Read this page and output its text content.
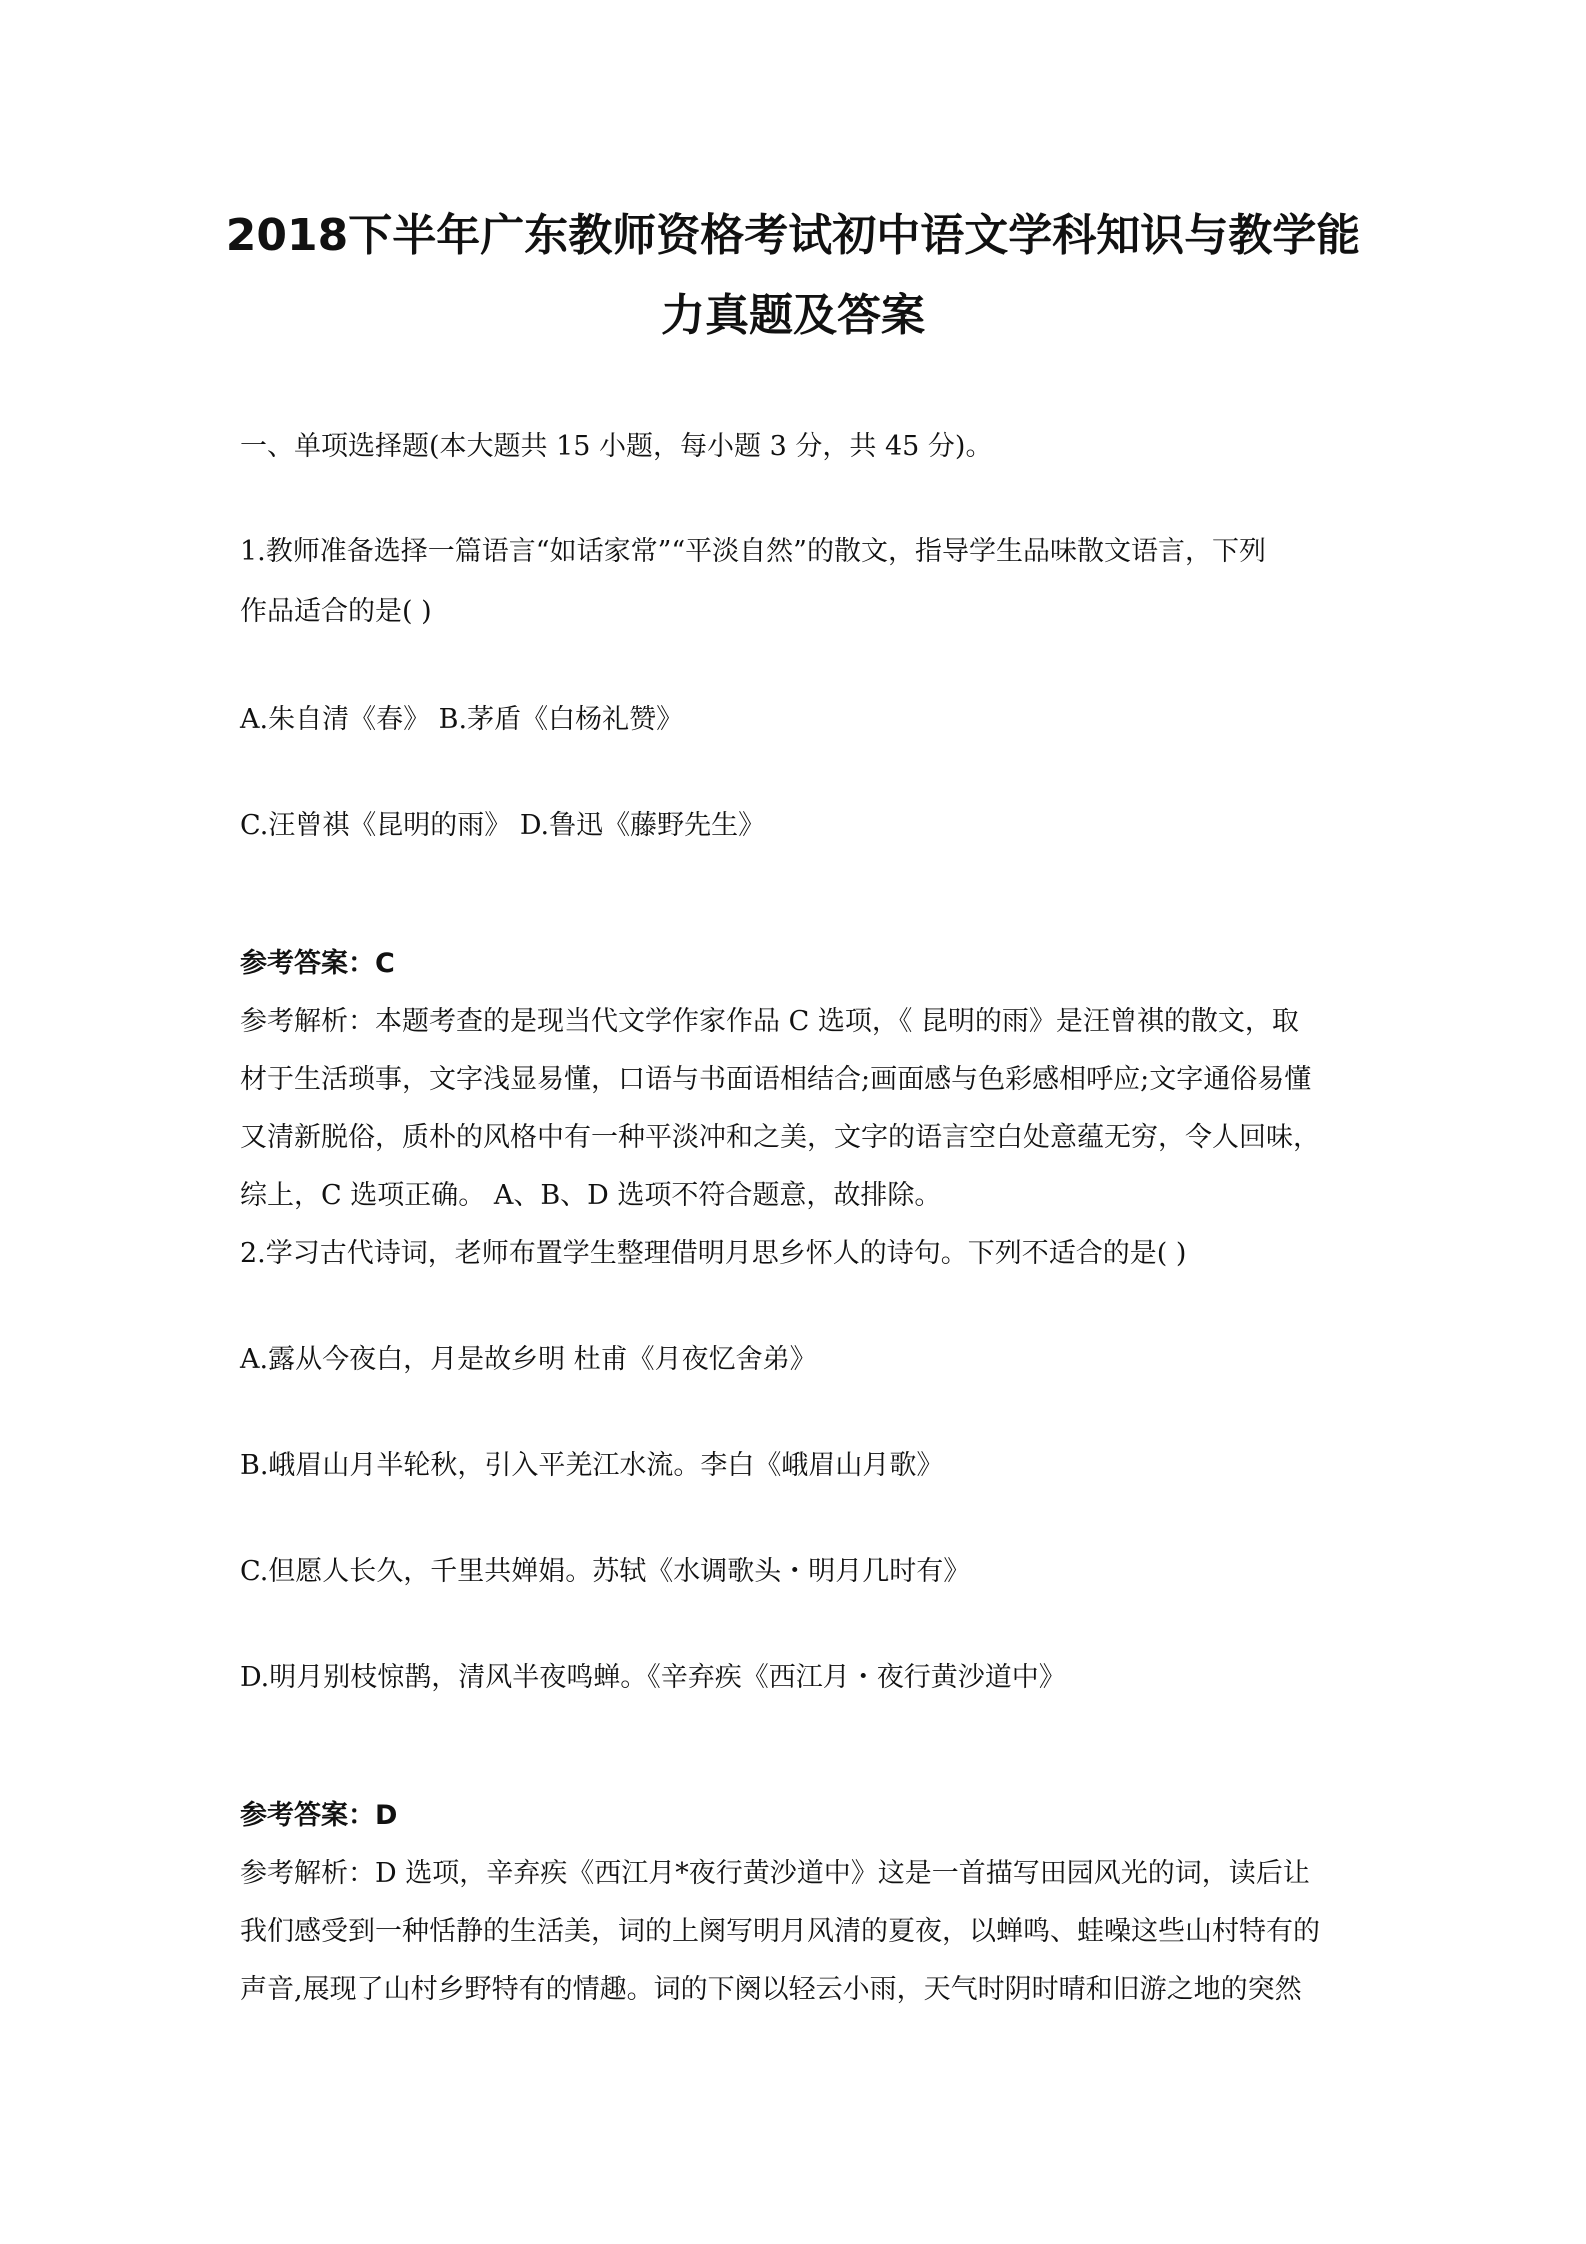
2018下半年广东教师资格考试初中语文学科知识与教学能
力真题及答案

一、单项选择题(本大题共 15 小题，每小题 3 分，共 45 分)。

1.教师准备选择一篇语言“如话家常”“平淡自然”的散文，指导学生品味散文语言，下列

作品适合的是( )

A.朱自清《春》 B.茅盾《白杨礼赞》

C.汪曾祺《昆明的雨》 D.鲁迅《藤野先生》

参考答案：C

参考解析：本题考查的是现当代文学作家作品 C 选项，《 昆明的雨》是汪曾祺的散文，取

材于生活琐事，文字浅显易懂，口语与书面语相结合;画面感与色彩感相呼应;文字通俗易懂

又清新脱俗，质朴的风格中有一种平淡冲和之美，文字的语言空白处意蕴无穷，令人回味，

综上，C 选项正确。 A、B、D 选项不符合题意，故排除。

2.学习古代诗词，老师布置学生整理借明月思乡怀人的诗句。下列不适合的是( )

A.露从今夜白，月是故乡明 杜甫《月夜忆舍弟》

B.峨眉山月半轮秋，引入平羌江水流。李白《峨眉山月歌》

C.但愿人长久，千里共婵娟。苏轼《水调歌头・明月几时有》

D.明月别枝惊鹊，清风半夜鸣蝉。《辛弃疾《西江月・夜行黄沙道中》

参考答案：D

参考解析：D 选项，辛弃疾《西江月*夜行黄沙道中》这是一首描写田园风光的词，读后让

我们感受到一种恬静的生活美，词的上阕写明月风清的夏夜，以蝉鸣、蛙噪这些山村特有的

声音,展现了山村乡野特有的情趣。词的下阕以轻云小雨，天气时阴时晴和旧游之地的突然
